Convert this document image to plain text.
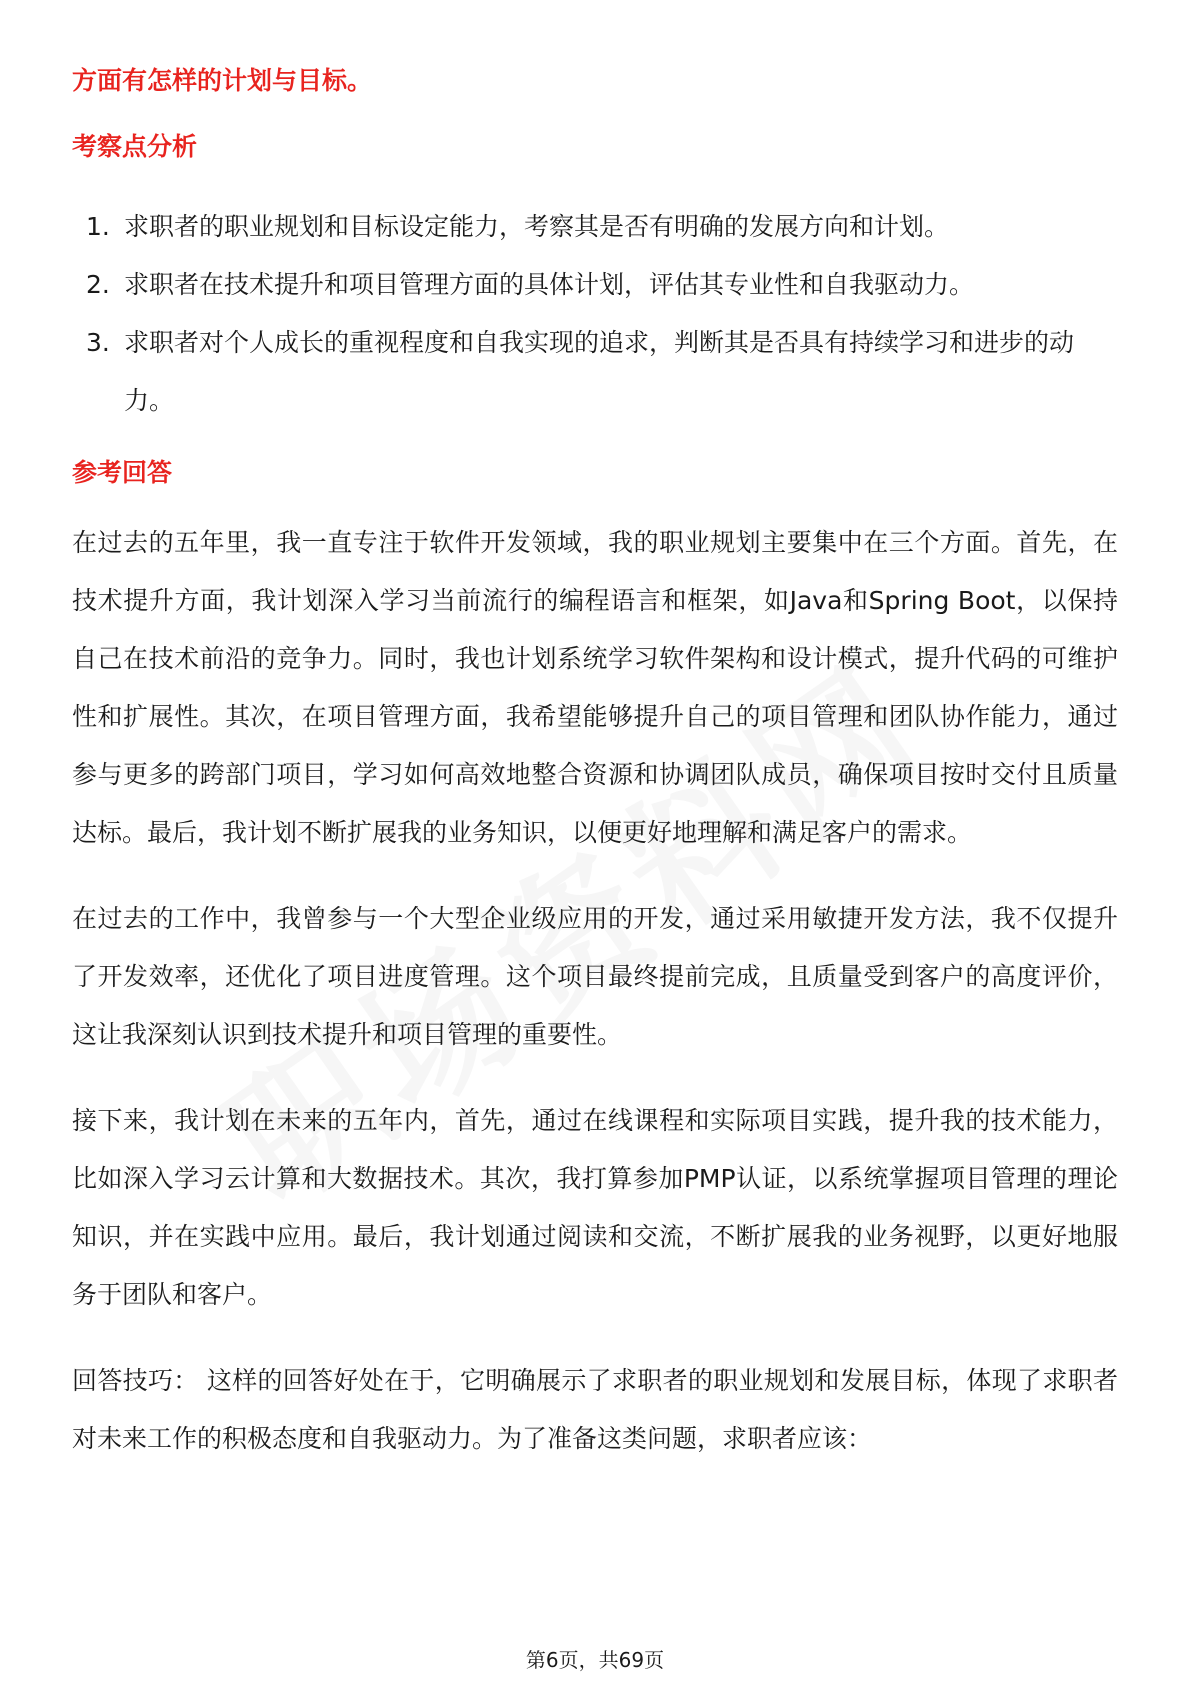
方面有怎样的计划与目标。

考察点分析

1. 求职者的职业规划和目标设定能力，考察其是否有明确的发展方向和计划。
2. 求职者在技术提升和项目管理方面的具体计划，评估其专业性和自我驱动力。
3. 求职者对个人成长的重视程度和自我实现的追求，判断其是否具有持续学习和进步的动力。

参考回答

在过去的五年里，我一直专注于软件开发领域，我的职业规划主要集中在三个方面。首先，在技术提升方面，我计划深入学习当前流行的编程语言和框架，如Java和Spring Boot，以保持自己在技术前沿的竞争力。同时，我也计划系统学习软件架构和设计模式，提升代码的可维护性和扩展性。其次，在项目管理方面，我希望能够提升自己的项目管理和团队协作能力，通过参与更多的跨部门项目，学习如何高效地整合资源和协调团队成员，确保项目按时交付且质量达标。最后，我计划不断扩展我的业务知识，以便更好地理解和满足客户的需求。

在过去的工作中，我曾参与一个大型企业级应用的开发，通过采用敏捷开发方法，我不仅提升了开发效率，还优化了项目进度管理。这个项目最终提前完成，且质量受到客户的高度评价，这让我深刻认识到技术提升和项目管理的重要性。

接下来，我计划在未来的五年内，首先，通过在线课程和实际项目实践，提升我的技术能力，比如深入学习云计算和大数据技术。其次，我打算参加PMP认证，以系统掌握项目管理的理论知识，并在实践中应用。最后，我计划通过阅读和交流，不断扩展我的业务视野，以更好地服务于团队和客户。

回答技巧： 这样的回答好处在于，它明确展示了求职者的职业规划和发展目标，体现了求职者对未来工作的积极态度和自我驱动力。为了准备这类问题，求职者应该：

第6页，共69页
